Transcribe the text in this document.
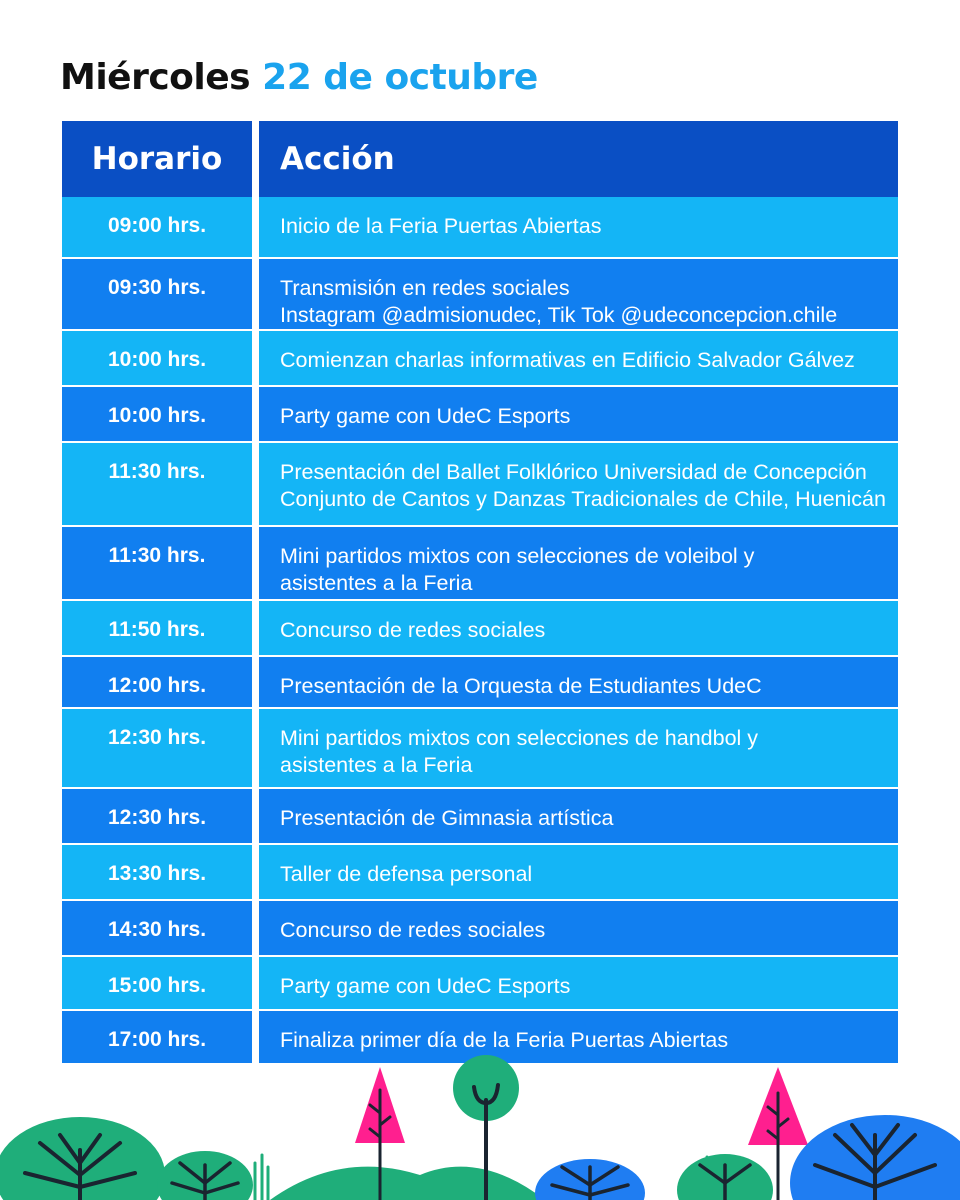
Miércoles 22 de octubre
Horario	Acción
09:00 hrs.	Inicio de la Feria Puertas Abiertas
09:30 hrs.	Transmisión en redes sociales
Instagram @admisionudec, Tik Tok @udeconcepcion.chile
10:00 hrs.	Comienzan charlas informativas en Edificio Salvador Gálvez
10:00 hrs.	Party game con UdeC Esports
11:30 hrs.	Presentación del Ballet Folklórico Universidad de Concepción
Conjunto de Cantos y Danzas Tradicionales de Chile, Huenicán
11:30 hrs.	Mini partidos mixtos con selecciones de voleibol y
asistentes a la Feria
11:50 hrs.	Concurso de redes sociales
12:00 hrs.	Presentación de la Orquesta de Estudiantes UdeC
12:30 hrs.	Mini partidos mixtos con selecciones de handbol y
asistentes a la Feria
12:30 hrs.	Presentación de Gimnasia artística
13:30 hrs.	Taller de defensa personal
14:30 hrs.	Concurso de redes sociales
15:00 hrs.	Party game con UdeC Esports
17:00 hrs.	Finaliza primer día de la Feria Puertas Abiertas
